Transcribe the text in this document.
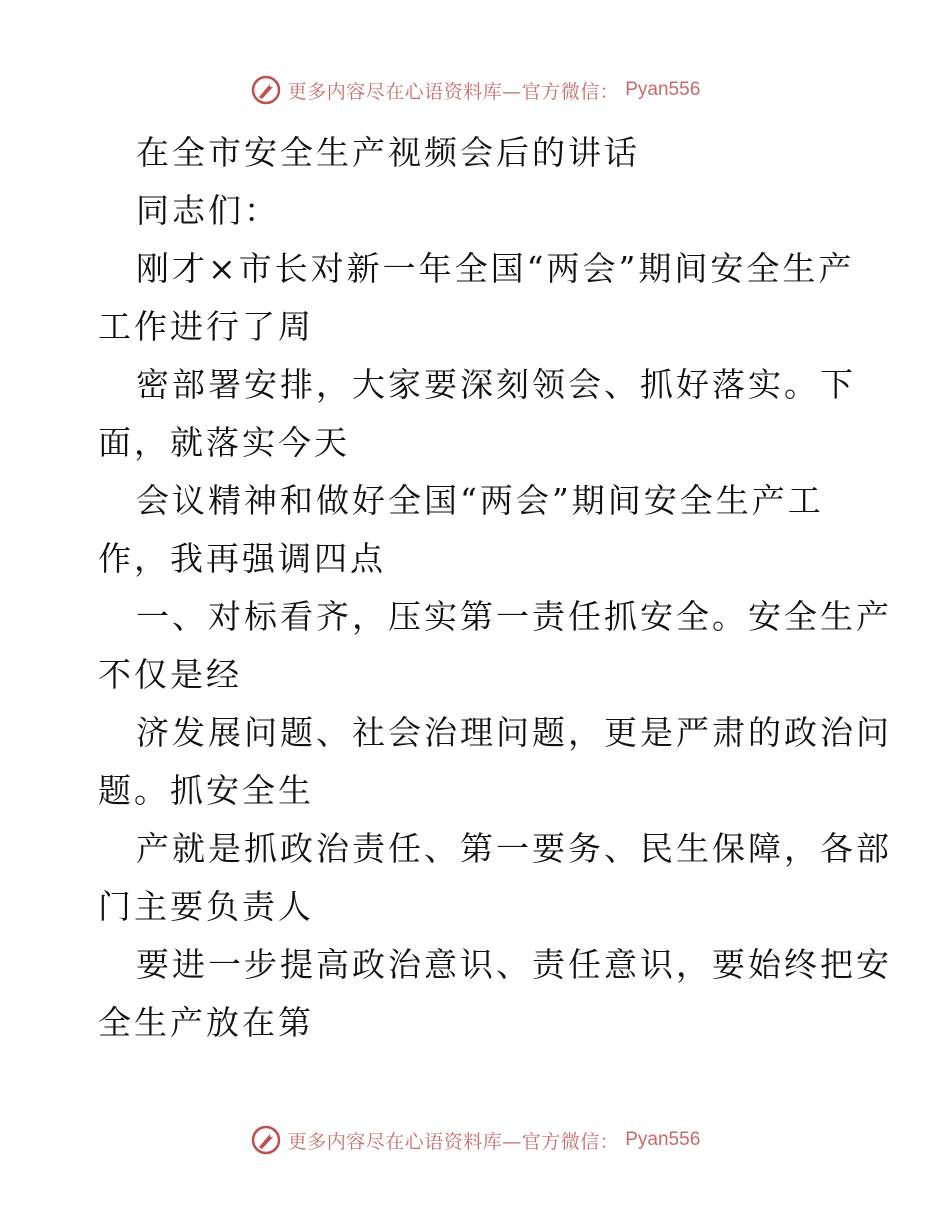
更多内容尽在心语资料库—官方微信： Pyan556
在全市安全生产视频会后的讲话
同志们：
刚才×市长对新一年全国“两会”期间安全生产
工作进行了周
密部署安排，大家要深刻领会、抓好落实。下
面，就落实今天
会议精神和做好全国“两会”期间安全生产工
作，我再强调四点
一、对标看齐，压实第一责任抓安全。安全生产
不仅是经
济发展问题、社会治理问题，更是严肃的政治问
题。抓安全生
产就是抓政治责任、第一要务、民生保障，各部
门主要负责人
要进一步提高政治意识、责任意识，要始终把安
全生产放在第
更多内容尽在心语资料库—官方微信： Pyan556
